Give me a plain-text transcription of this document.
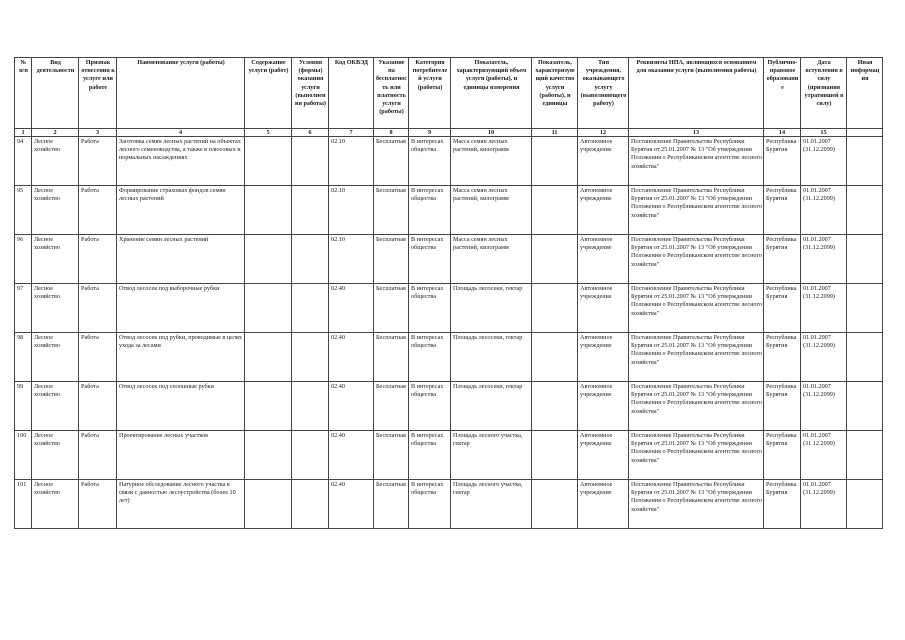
№ п/п	Вид деятельности	Признак отнесения к услуге или работе	Наименование услуги (работы)	Содержание услуги (работ)	Условия (формы) оказания услуги (выполнения работы)	Код ОКВЭД	Указание на бесплатность или платность услуги (работы)	Категория потребителей услуги (работы)	Показатель, характеризующий объем услуги (работы), и единицы измерения	Показатель, характеризующий качество услуги (работы), и единицы	Тип учреждения, оказывающего услугу (выполняющего работу)	Реквизиты НПА, являющихся основанием для оказания услуги (выполнения работы)	Публично-правовое образование	Дата вступления в силу (признания утратившей в силу)	Иная информация
1	2	3	4	5	6	7	8	9	10	11	12	13	14	15	
94	Лесное хозяйство	Работа	Заготовка семян лесных растений на объектах лесного семеноводства, а также в плюсовых и нормальных насаждениях			02.10	Бесплатная	В интересах общества	Масса семян лесных растений, килограмм		Автономное учреждение	Постановление Правительства Республики Бурятия от 25.01.2007 № 13 "Об утверждении Положения о Республиканском агентстве лесного хозяйства"	Республика Бурятия	01.01.2007 (31.12.2099)	
95	Лесное хозяйство	Работа	Формирование страховых фондов семян лесных растений			02.10	Бесплатная	В интересах общества	Масса семян лесных растений, килограмм		Автономное учреждение	Постановление Правительства Республики Бурятия от 25.01.2007 № 13 "Об утверждении Положения о Республиканском агентстве лесного хозяйства"	Республика Бурятия	01.01.2007 (31.12.2099)	
96	Лесное хозяйство	Работа	Хранение семян лесных растений			02.10	Бесплатная	В интересах общества	Масса семян лесных растений, килограмм		Автономное учреждение	Постановление Правительства Республики Бурятия от 25.01.2007 № 13 "Об утверждении Положения о Республиканском агентстве лесного хозяйства"	Республика Бурятия	01.01.2007 (31.12.2099)	
97	Лесное хозяйство	Работа	Отвод лесосек под выборочные рубки			02.40	Бесплатная	В интересах общества	Площадь лесосеки, гектар		Автономное учреждение	Постановление Правительства Республики Бурятия от 25.01.2007 № 13 "Об утверждении Положения о Республиканском агентстве лесного хозяйства"	Республика Бурятия	01.01.2007 (31.12.2099)	
98	Лесное хозяйство	Работа	Отвод лесосек под рубки, проводимые в целях ухода за лесами			02.40	Бесплатная	В интересах общества	Площадь лесосеки, гектар		Автономное учреждение	Постановление Правительства Республики Бурятия от 25.01.2007 № 13 "Об утверждении Положения о Республиканском агентстве лесного хозяйства"	Республика Бурятия	01.01.2007 (31.12.2099)	
99	Лесное хозяйство	Работа	Отвод лесосек под сплошные рубки			02.40	Бесплатная	В интересах общества	Площадь лесосеки, гектар		Автономное учреждение	Постановление Правительства Республики Бурятия от 25.01.2007 № 13 "Об утверждении Положения о Республиканском агентстве лесного хозяйства"	Республика Бурятия	01.01.2007 (31.12.2099)	
100	Лесное хозяйство	Работа	Проектирование лесных участков			02.40	Бесплатная	В интересах общества	Площадь лесного участка, гектар		Автономное учреждение	Постановление Правительства Республики Бурятия от 25.01.2007 № 13 "Об утверждении Положения о Республиканском агентстве лесного хозяйства"	Республика Бурятия	01.01.2007 (31.12.2099)	
101	Лесное хозяйство	Работа	Натурное обследование лесного участка в связи с давностью лесоустройства (более 10 лет)			02.40	Бесплатная	В интересах общества	Площадь лесного участка, гектар		Автономное учреждение	Постановление Правительства Республики Бурятия от 25.01.2007 № 13 "Об утверждении Положения о Республиканском агентстве лесного хозяйства"	Республика Бурятия	01.01.2007 (31.12.2099)	
